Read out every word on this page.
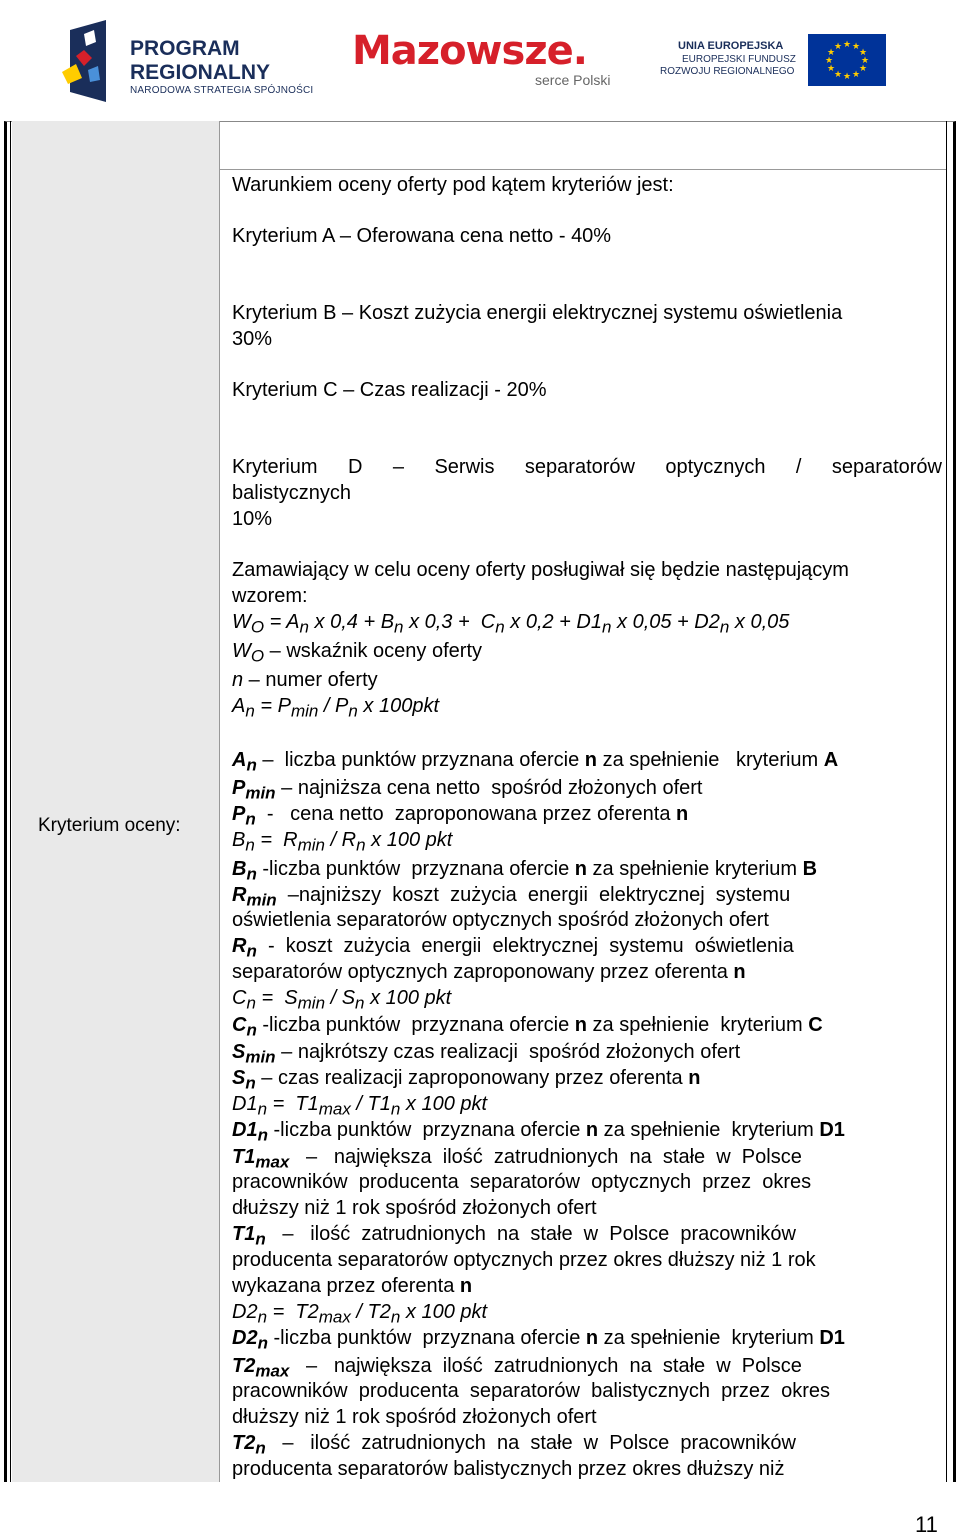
PROGRAM
REGIONALNY
NARODOWA STRATEGIA SPÓJNOŚCI
Mazowsze.
serce Polski
UNIA EUROPEJSKA
EUROPEJSKI FUNDUSZ
ROZWOJU REGIONALNEGO
★ ★
★
★
★
★
★
★
★
★
★
★
Kryterium oceny:
Warunkiem oceny oferty pod kątem kryteriów jest:
Kryterium A – Oferowana cena netto - 40%
Kryterium B – Koszt zużycia energii elektrycznej systemu oświetlenia
30%
Kryterium C – Czas realizacji - 20%
Kryterium D – Serwis separatorów optycznych / separatorów
balistycznych
10%
Zamawiający w celu oceny oferty posługiwał się będzie następującym
wzorem:
$W_O = A_n$ x $0,4 + B_n$ x $0,3 + C_n$ x $0,2 + D1_n$ x $0,05 + D2_n$ x 0,05
$W_O$ – wskaźnik oceny oferty
n – numer oferty
$A_n = P_{min} / P_n$ x 100pkt
$A_n$ –  liczba punktów przyznana ofercie n za spełnienie   kryterium A
$P_{min}$ – najniższa cena netto  spośród złożonych ofert
$P_n$  -   cena netto  zaproponowana przez oferenta n
$B_n = R_{min} / R_n$ x 100 pkt
$B_n$ -liczba punktów  przyznana ofercie n za spełnienie kryterium B
$R_{min}$  –najniższy  koszt  zużycia  energii  elektrycznej  systemu
oświetlenia separatorów optycznych spośród złożonych ofert
$R_n$  -  koszt  zużycia  energii  elektrycznej  systemu  oświetlenia
separatorów optycznych zaproponowany przez oferenta n
$C_n = S_{min} / S_n$ x 100 pkt
$C_n$ -liczba punktów  przyznana ofercie n za spełnienie  kryterium C
$S_{min}$ – najkrótszy czas realizacji  spośród złożonych ofert
$S_n$ – czas realizacji zaproponowany przez oferenta n
$D1_n = T1_{max} / T1_n$ x 100 pkt
$D1_n$ -liczba punktów  przyznana ofercie n za spełnienie  kryterium D1
$T1_{max}$   –   największa  ilość  zatrudnionych  na  stałe  w  Polsce
pracowników  producenta  separatorów  optycznych  przez  okres
dłuższy niż 1 rok spośród złożonych ofert
$T1_n$   –   ilość  zatrudnionych  na  stałe  w  Polsce  pracowników
producenta separatorów optycznych przez okres dłuższy niż 1 rok
wykazana przez oferenta n
$D2_n = T2_{max} / T2_n$ x 100 pkt
$D2_n$ -liczba punktów  przyznana ofercie n za spełnienie  kryterium D1
$T2_{max}$   –   największa  ilość  zatrudnionych  na  stałe  w  Polsce
pracowników  producenta  separatorów  balistycznych  przez  okres
dłuższy niż 1 rok spośród złożonych ofert
$T2_n$   –   ilość  zatrudnionych  na  stałe  w  Polsce  pracowników
producenta separatorów balistycznych przez okres dłuższy niż
11
